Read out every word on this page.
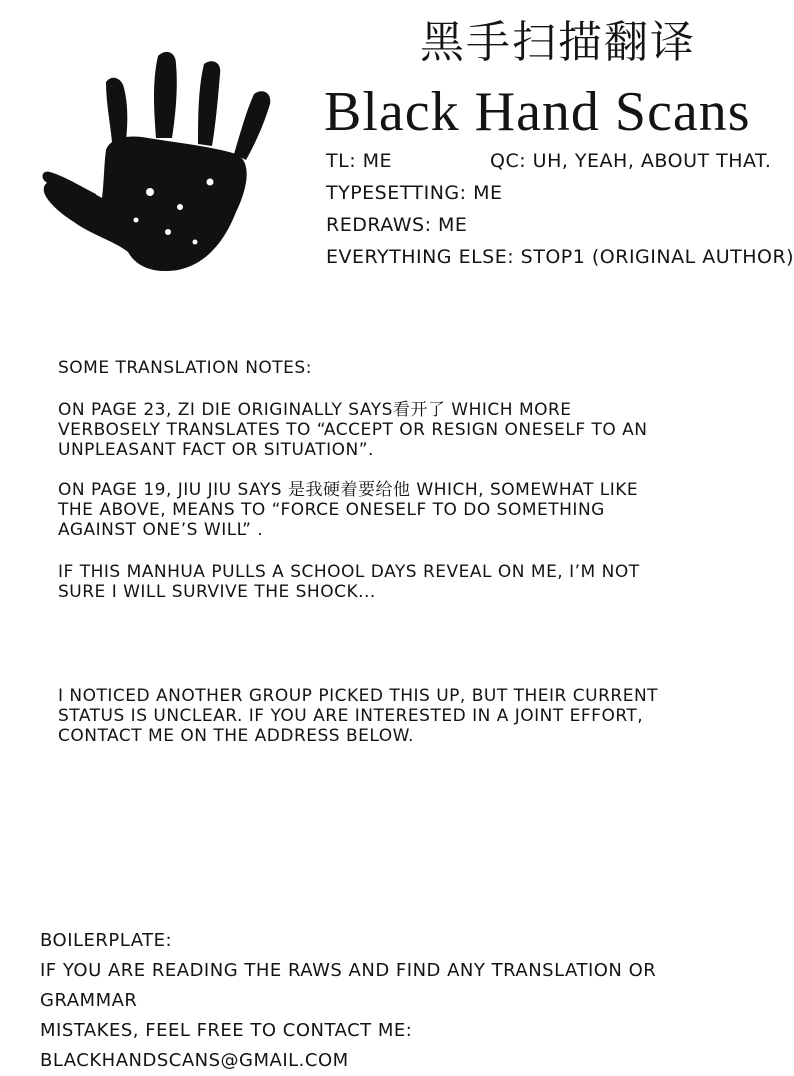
黑手扫描翻译
Black Hand Scans
TL: ME	QC: UH, YEAH, ABOUT THAT.
TYPESETTING: ME
REDRAWS: ME
EVERYTHING ELSE: STOP1 (ORIGINAL AUTHOR)
SOME TRANSLATION NOTES:
ON PAGE 23, ZI DIE ORIGINALLY SAYS看开了 WHICH MORE
VERBOSELY TRANSLATES TO “ACCEPT OR RESIGN ONESELF TO AN
UNPLEASANT FACT OR SITUATION”.
ON PAGE 19, JIU JIU SAYS 是我硬着要给他 WHICH, SOMEWHAT LIKE
THE ABOVE, MEANS TO “FORCE ONESELF TO DO SOMETHING
AGAINST ONE’S WILL” .
IF THIS MANHUA PULLS A SCHOOL DAYS REVEAL ON ME, I’M NOT
SURE I WILL SURVIVE THE SHOCK...
I NOTICED ANOTHER GROUP PICKED THIS UP, BUT THEIR CURRENT
STATUS IS UNCLEAR. IF YOU ARE INTERESTED IN A JOINT EFFORT,
CONTACT ME ON THE ADDRESS BELOW.
BOILERPLATE:
IF YOU ARE READING THE RAWS AND FIND ANY TRANSLATION OR GRAMMAR
MISTAKES, FEEL FREE TO CONTACT ME: BLACKHANDSCANS@GMAIL.COM
